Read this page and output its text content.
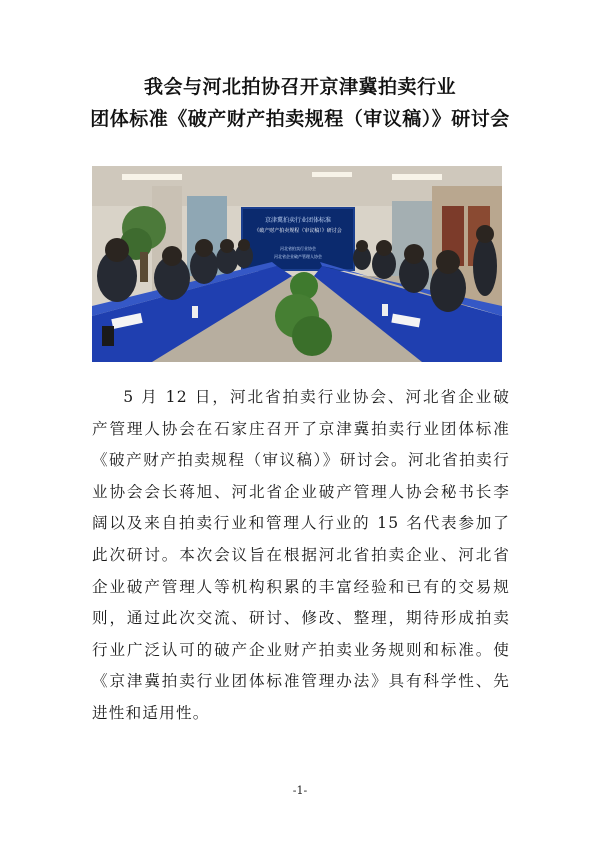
我会与河北拍协召开京津冀拍卖行业
团体标准《破产财产拍卖规程（审议稿）》研讨会
京津冀拍卖行业团体标准
《破产财产拍卖规程（审议稿）》研讨会
河北省拍卖行业协会
河北省企业破产管理人协会

5 月 12 日，河北省拍卖行业协会、河北省企业破产管理人协会在石家庄召开了京津冀拍卖行业团体标准《破产财产拍卖规程（审议稿）》研讨会。河北省拍卖行业协会会长蒋旭、河北省企业破产管理人协会秘书长李阔以及来自拍卖行业和管理人行业的 15 名代表参加了此次研讨。本次会议旨在根据河北省拍卖企业、河北省企业破产管理人等机构积累的丰富经验和已有的交易规则，通过此次交流、研讨、修改、整理，期待形成拍卖行业广泛认可的破产企业财产拍卖业务规则和标准。使《京津冀拍卖行业团体标准管理办法》具有科学性、先进性和适用性。

-1-
